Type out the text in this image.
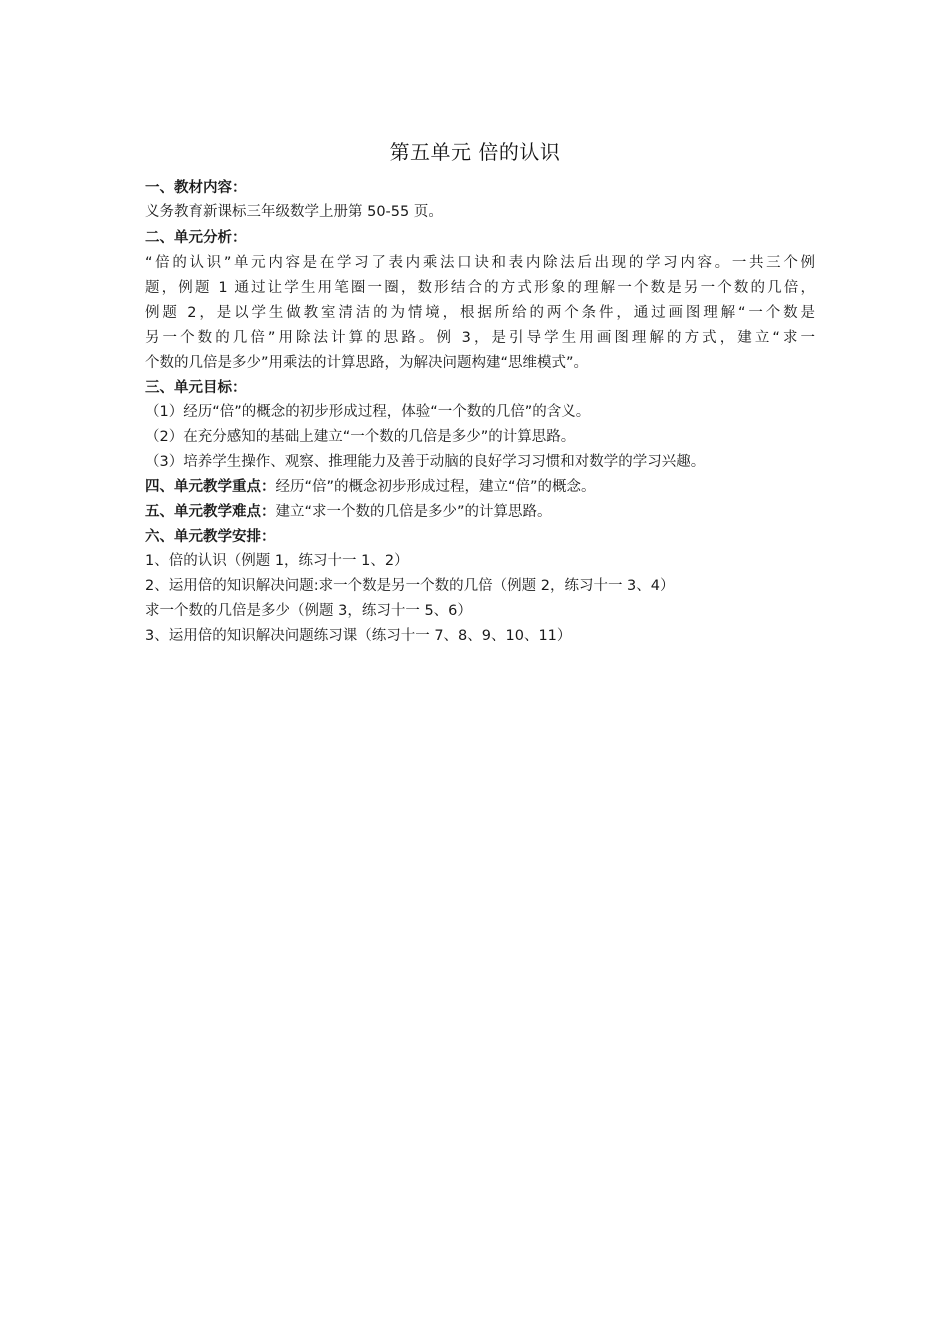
第五单元 倍的认识
一、教材内容：
义务教育新课标三年级数学上册第 50-55 页。
二、单元分析：
“倍的认识”单元内容是在学习了表内乘法口诀和表内除法后出现的学习内容。一共三个例
题，例题 1 通过让学生用笔圈一圈，数形结合的方式形象的理解一个数是另一个数的几倍，
例题 2，是以学生做教室清洁的为情境，根据所给的两个条件，通过画图理解“一个数是
另一个数的几倍”用除法计算的思路。例 3，是引导学生用画图理解的方式，建立“求一
个数的几倍是多少”用乘法的计算思路，为解决问题构建“思维模式”。
三、单元目标：
（1）经历“倍”的概念的初步形成过程，体验“一个数的几倍”的含义。
（2）在充分感知的基础上建立“一个数的几倍是多少”的计算思路。
（3）培养学生操作、观察、推理能力及善于动脑的良好学习习惯和对数学的学习兴趣。
四、单元教学重点：经历“倍”的概念初步形成过程，建立“倍”的概念。
五、单元教学难点：建立“求一个数的几倍是多少”的计算思路。
六、单元教学安排：
1、倍的认识（例题 1，练习十一 1、2）
2、运用倍的知识解决问题:求一个数是另一个数的几倍（例题 2，练习十一 3、4）
求一个数的几倍是多少（例题 3，练习十一 5、6）
3、运用倍的知识解决问题练习课（练习十一 7、8、9、10、11）
